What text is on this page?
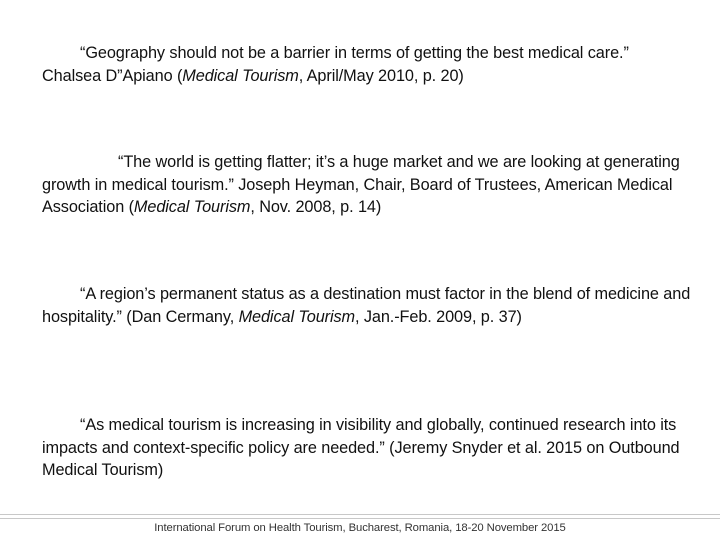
“Geography should not be a barrier in terms of getting the best medical care.” Chalsea D”Apiano (Medical Tourism, April/May 2010, p. 20)

“The world is getting flatter; it’s a huge market and we are looking at generating growth in medical tourism.” Joseph Heyman, Chair, Board of Trustees, American Medical Association (Medical Tourism, Nov. 2008, p. 14)

“A region’s permanent status as a destination must factor in the blend of medicine and hospitality.” (Dan Cermany, Medical Tourism, Jan.-Feb. 2009, p. 37)

“As medical tourism is increasing in visibility and globally, continued research into its impacts and context-specific policy are needed.” (Jeremy Snyder et al. 2015 on Outbound Medical Tourism)

International Forum on Health Tourism, Bucharest, Romania, 18-20 November 2015
